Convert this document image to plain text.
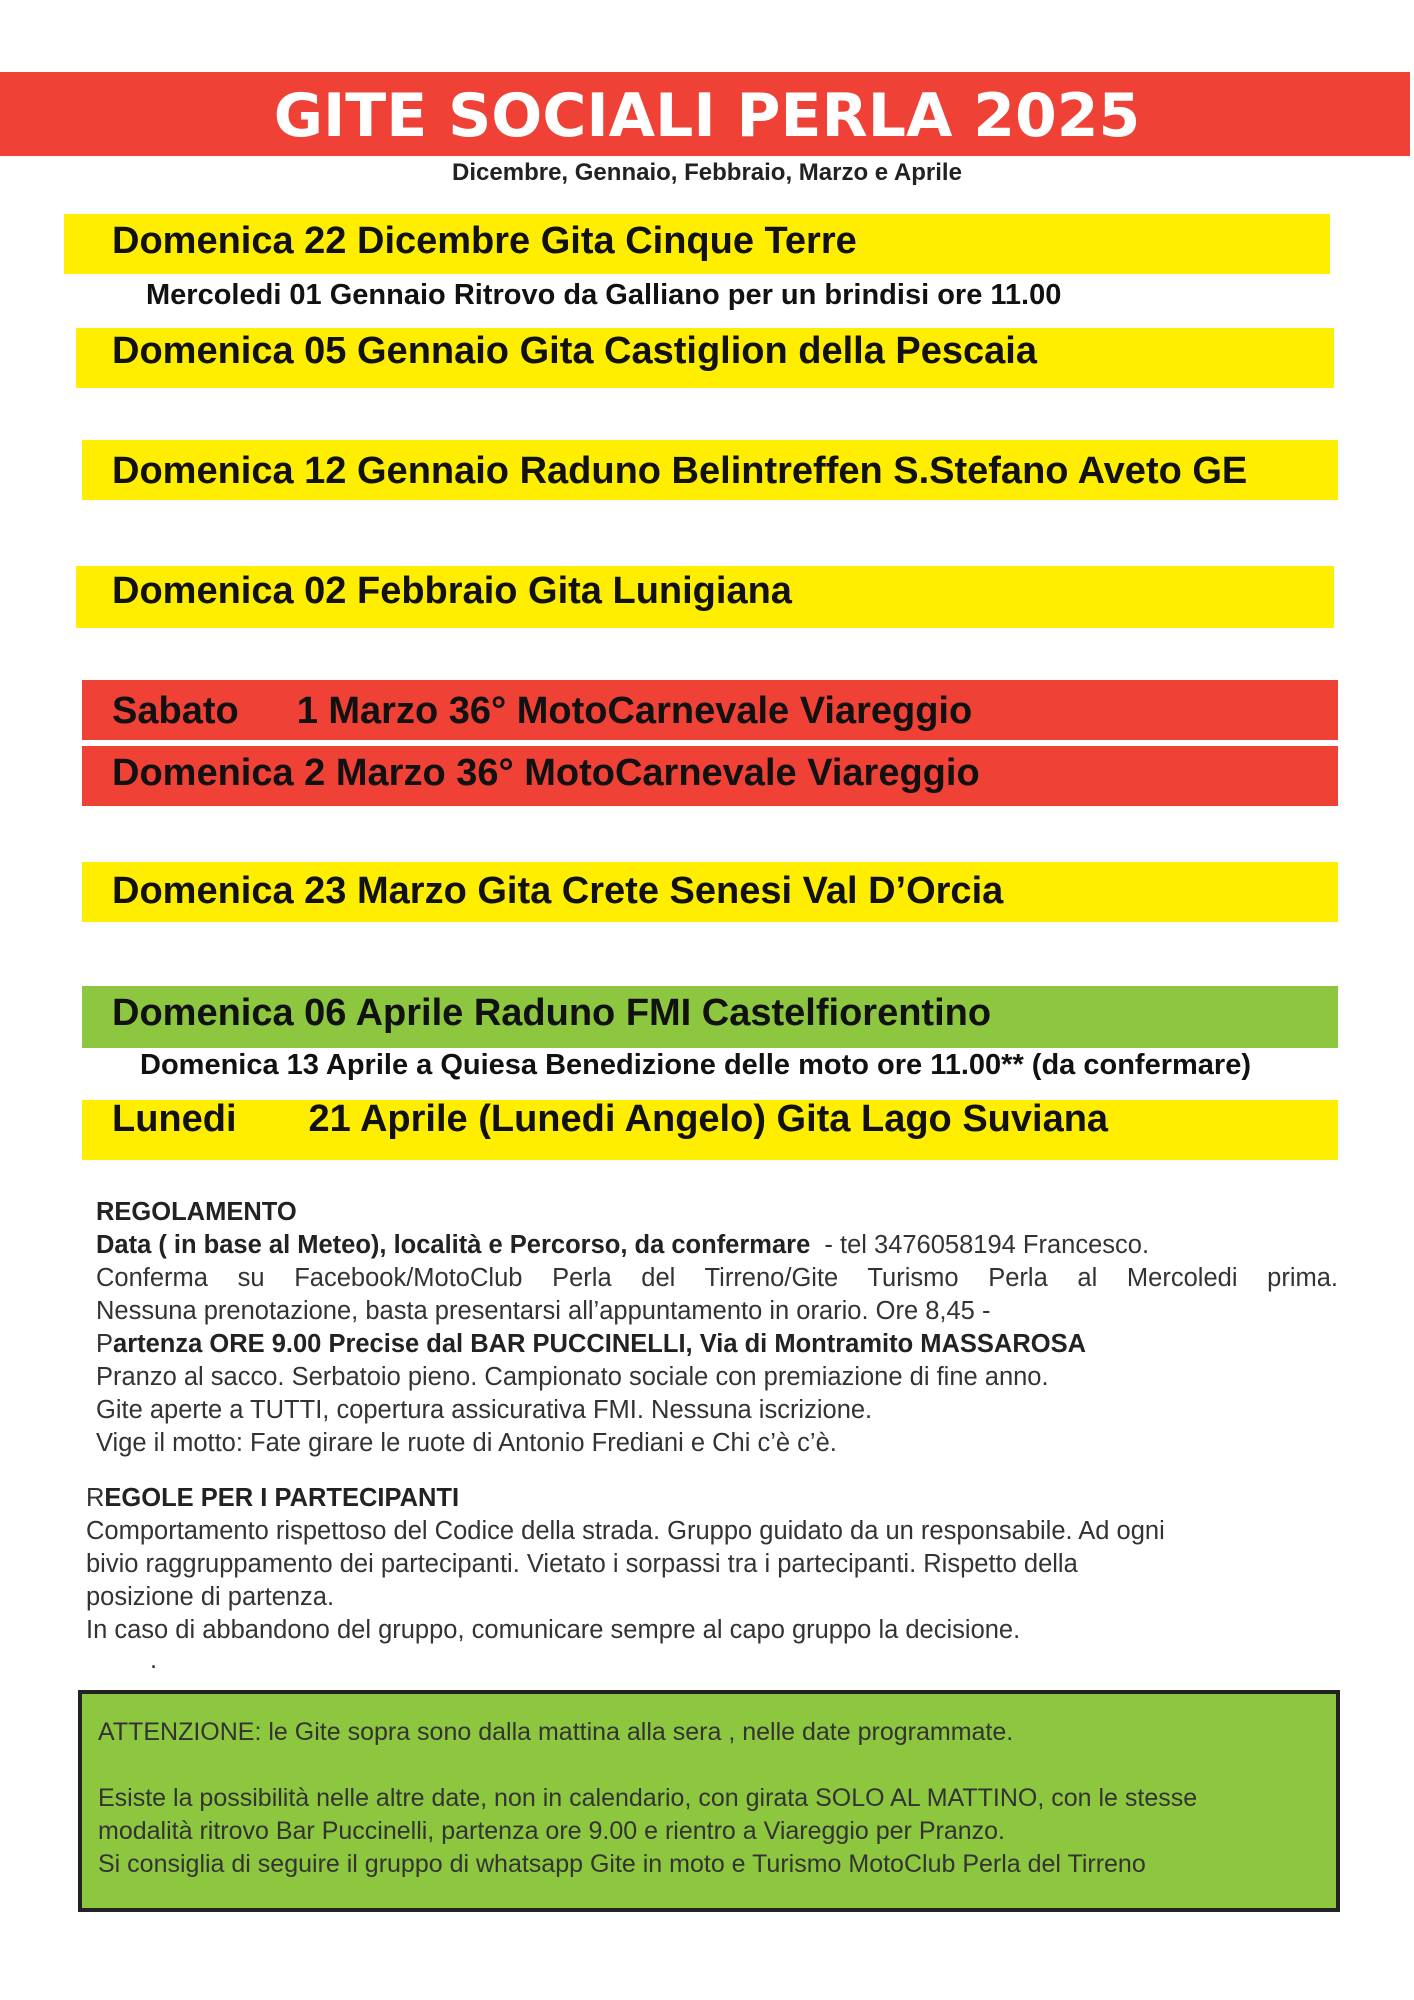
GITE SOCIALI PERLA 2025
Dicembre, Gennaio, Febbraio, Marzo e Aprile
Domenica 22 Dicembre Gita Cinque Terre
Mercoledi 01 Gennaio Ritrovo da Galliano per un brindisi ore 11.00
Domenica 05 Gennaio Gita Castiglion della Pescaia
Domenica 12 Gennaio Raduno Belintreffen S.Stefano Aveto GE
Domenica 02 Febbraio Gita Lunigiana
Sabato 1 Marzo 36° MotoCarnevale Viareggio
Domenica 2 Marzo 36° MotoCarnevale Viareggio
Domenica 23 Marzo Gita Crete Senesi Val D’Orcia
Domenica 06 Aprile Raduno FMI Castelfiorentino
Domenica 13 Aprile a Quiesa Benedizione delle moto ore 11.00** (da confermare)
Lunedi 21 Aprile (Lunedi Angelo) Gita Lago Suviana
REGOLAMENTO
Data ( in base al Meteo), località e Percorso, da confermare  - tel 3476058194 Francesco.
Conferma su Facebook/MotoClub Perla del Tirreno/Gite Turismo Perla al Mercoledi prima.
Nessuna prenotazione, basta presentarsi all’appuntamento in orario. Ore 8,45 -
Partenza ORE 9.00 Precise dal BAR PUCCINELLI, Via di Montramito MASSAROSA
Pranzo al sacco. Serbatoio pieno. Campionato sociale con premiazione di fine anno.
Gite aperte a TUTTI, copertura assicurativa FMI. Nessuna iscrizione.
Vige il motto: Fate girare le ruote di Antonio Frediani e Chi c’è c’è.
REGOLE PER I PARTECIPANTI
Comportamento rispettoso del Codice della strada. Gruppo guidato da un responsabile. Ad ogni
bivio raggruppamento dei partecipanti. Vietato i sorpassi tra i partecipanti. Rispetto della
posizione di partenza.
In caso di abbandono del gruppo, comunicare sempre al capo gruppo la decisione.
.

ATTENZIONE: le Gite sopra sono dalla mattina alla sera , nelle date programmate.

Esiste la possibilità nelle altre date, non in calendario, con girata SOLO AL MATTINO, con le stesse

modalità ritrovo Bar Puccinelli, partenza ore 9.00 e rientro a Viareggio per Pranzo.

Si consiglia di seguire il gruppo di whatsapp Gite in moto e Turismo MotoClub Perla del Tirreno
